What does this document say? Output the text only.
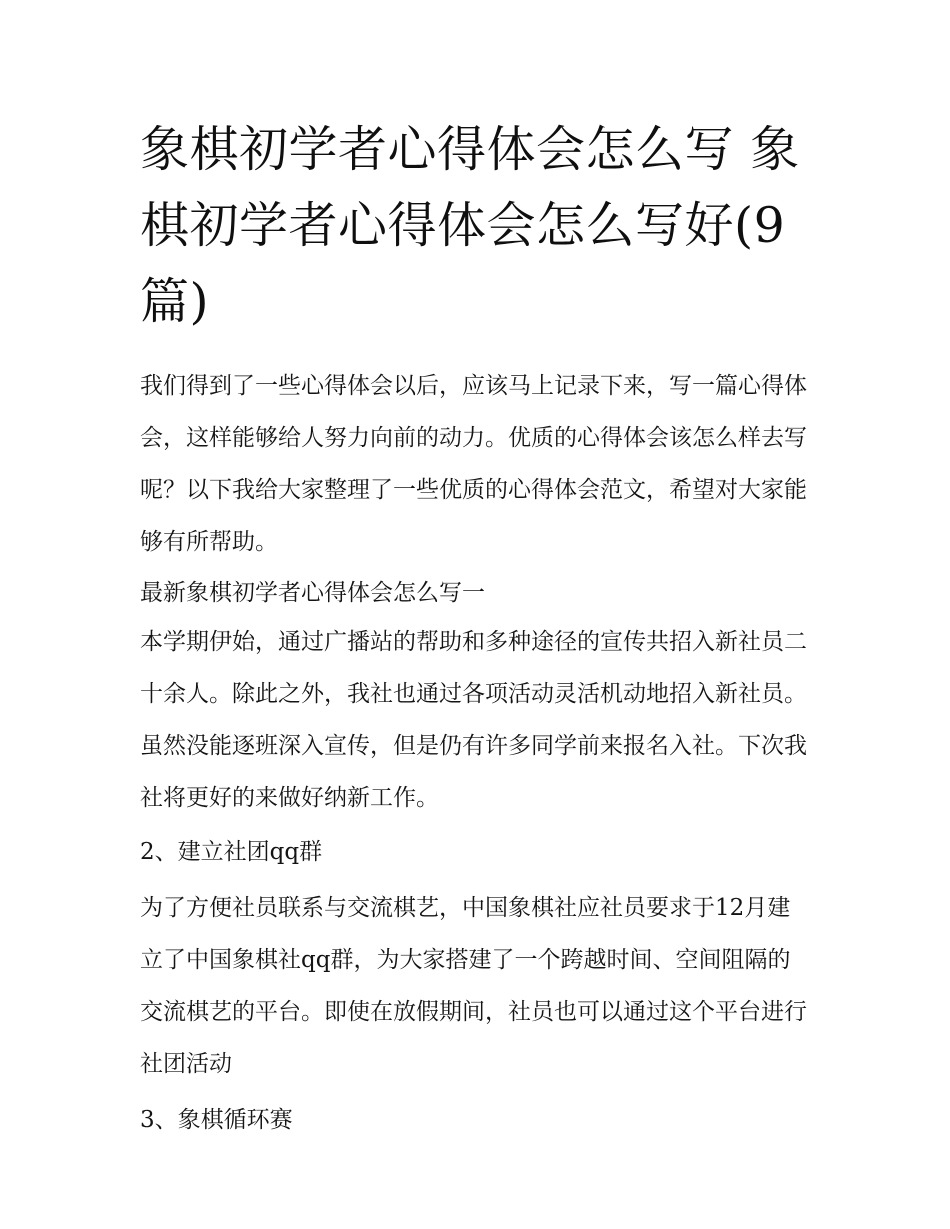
象棋初学者心得体会怎么写 象棋初学者心得体会怎么写好(9篇)

我们得到了一些心得体会以后，应该马上记录下来，写一篇心得体会，这样能够给人努力向前的动力。优质的心得体会该怎么样去写呢？以下我给大家整理了一些优质的心得体会范文，希望对大家能够有所帮助。

最新象棋初学者心得体会怎么写一

本学期伊始，通过广播站的帮助和多种途径的宣传共招入新社员二十余人。除此之外，我社也通过各项活动灵活机动地招入新社员。虽然没能逐班深入宣传，但是仍有许多同学前来报名入社。下次我社将更好的来做好纳新工作。

2、建立社团qq群

为了方便社员联系与交流棋艺，中国象棋社应社员要求于12月建立了中国象棋社qq群，为大家搭建了一个跨越时间、空间阻隔的交流棋艺的平台。即使在放假期间，社员也可以通过这个平台进行社团活动

3、象棋循环赛
